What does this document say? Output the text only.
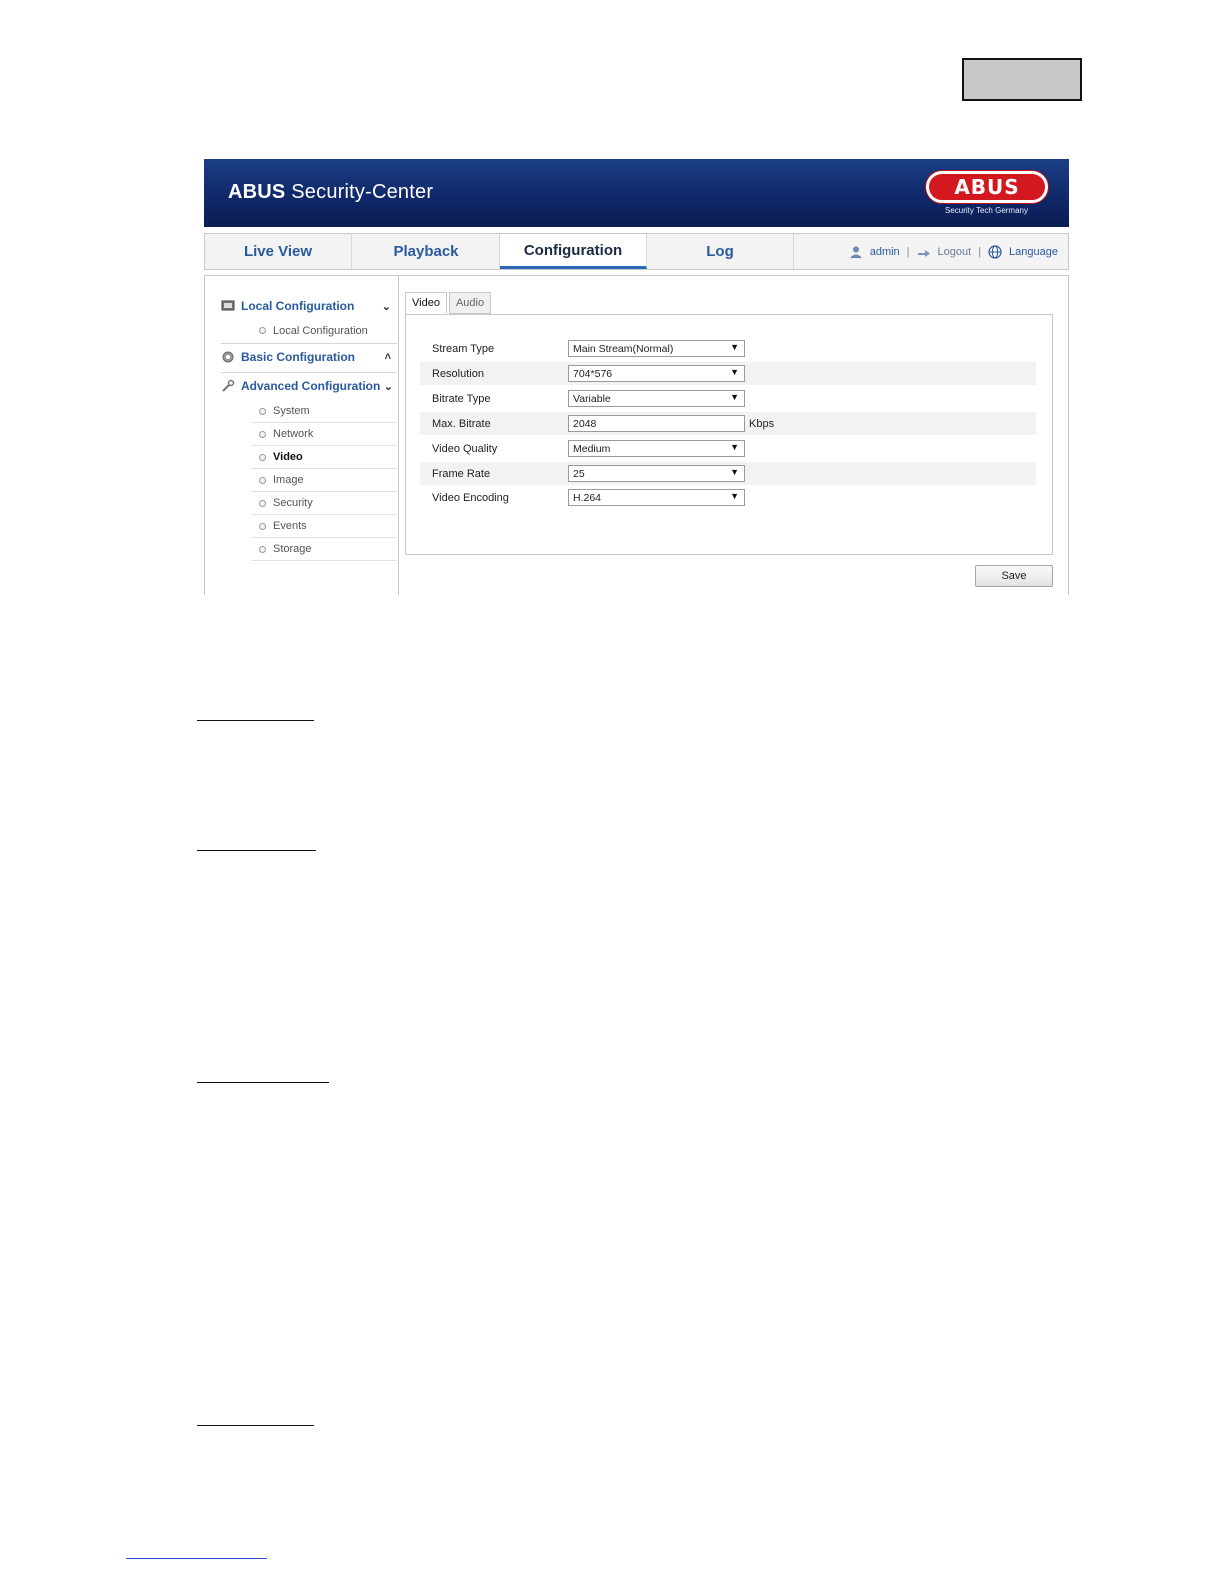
ABUS Security-Center	ABUS
Security Tech Germany
Live View	Playback	Configuration	Log	admin |	Logout |	Language
Local Configuration ⌄
Local Configuration
Basic Configuration	˄
Advanced Configuration ⌄
System
Network
Video
Image
Security
Events
Storage
Video	Audio
Stream Type	Main Stream(Normal)	▼
Resolution	704*576	▼
Bitrate Type	Variable	▼
Max. Bitrate	2048	Kbps
Video Quality	Medium	▼
Frame Rate	25	▼
Video Encoding	H.264	▼
Save
